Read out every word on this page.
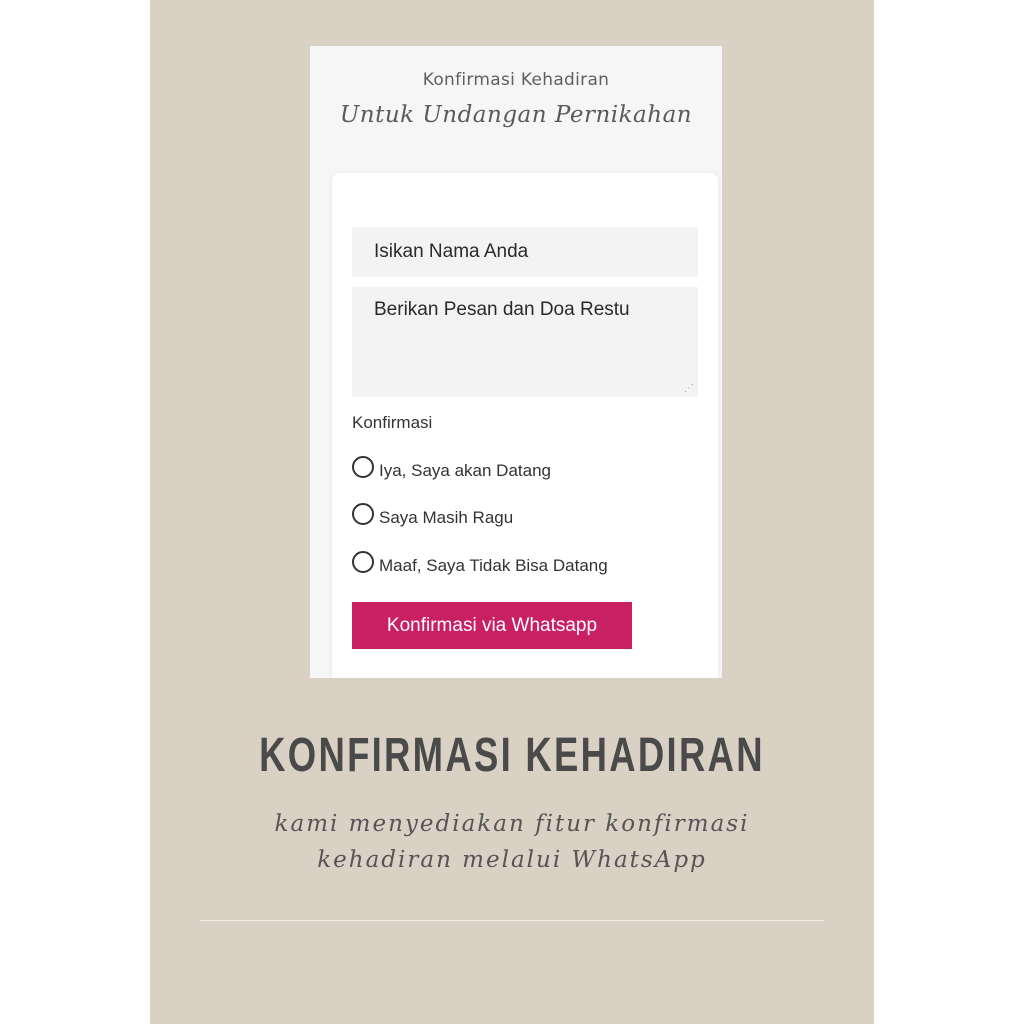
Konfirmasi Kehadiran
Untuk Undangan Pernikahan
Isikan Nama Anda
Berikan Pesan dan Doa Restu
⋰
Konfirmasi
Iya, Saya akan Datang
Saya Masih Ragu
Maaf, Saya Tidak Bisa Datang
Konfirmasi via Whatsapp
KONFIRMASI KEHADIRAN
kami menyediakan fitur konfirmasi
kehadiran melalui WhatsApp
